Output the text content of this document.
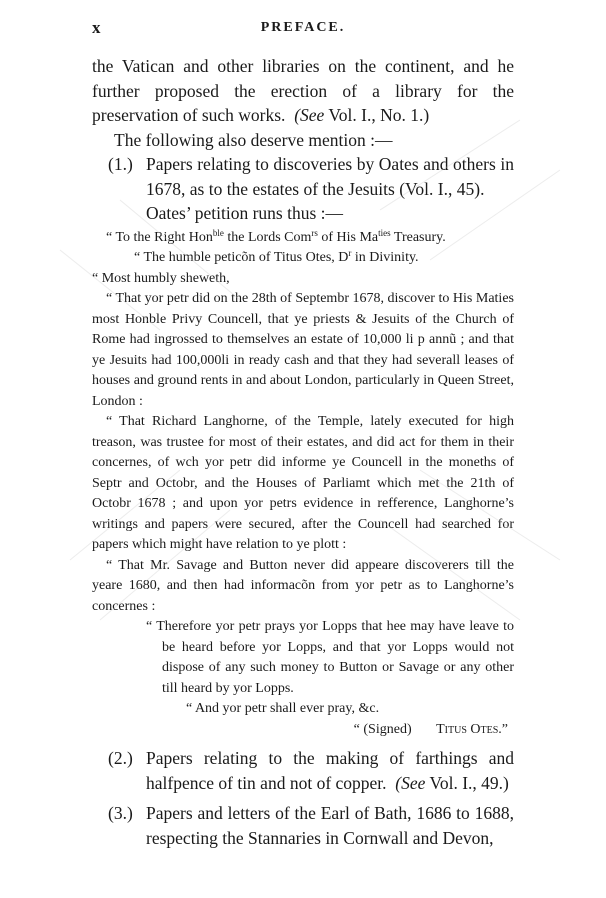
x	PREFACE.

the Vatican and other libraries on the continent, and he further proposed the erection of a library for the preservation of such works. (See Vol. I., No. 1.)

The following also deserve mention :—

(1.) Papers relating to discoveries by Oates and others in 1678, as to the estates of the Jesuits (Vol. I., 45).

Oates’ petition runs thus :—

“ To the Right Hon$^{ble}$ the Lords Com$^{rs}$ of His $Ma^{ties}$ Treasury.

“ The humble peticõn of Titus Otes, $D^r$ in Divinity.

“ Most humbly sheweth,

“ That yor petr did on the 28th of Septembr 1678, discover to His Maties most Honble Privy Councell, that ye priests & Jesuits of the Church of Rome had ingrossed to themselves an estate of 10,000 li p annũ ; and that ye Jesuits had 100,000li in ready cash and that they had severall leases of houses and ground rents in and about London, particularly in Queen Street, London :

“ That Richard Langhorne, of the Temple, lately executed for high treason, was trustee for most of their estates, and did act for them in their concernes, of wch yor petr did informe ye Councell in the moneths of Septr and Octobr, and the Houses of Parliamt which met the 21th of Octobr 1678 ; and upon yor petrs evidence in refference, Langhorne’s writings and papers were secured, after the Councell had searched for papers which might have relation to ye plott :

“ That Mr. Savage and Button never did appeare discoverers till the yeare 1680, and then had informacõn from yor petr as to Langhorne’s concernes :

“ Therefore yor petr prays yor Lopps that hee may have leave to be heard before yor Lopps, and that yor Lopps would not dispose of any such money to Button or Savage or any other till heard by yor Lopps.

“ And yor petr shall ever pray, &c.

“ (Signed) Titus Otes.”

(2.) Papers relating to the making of farthings and halfpence of tin and not of copper. (See Vol. I., 49.)

(3.) Papers and letters of the Earl of Bath, 1686 to 1688, respecting the Stannaries in Cornwall and Devon,
